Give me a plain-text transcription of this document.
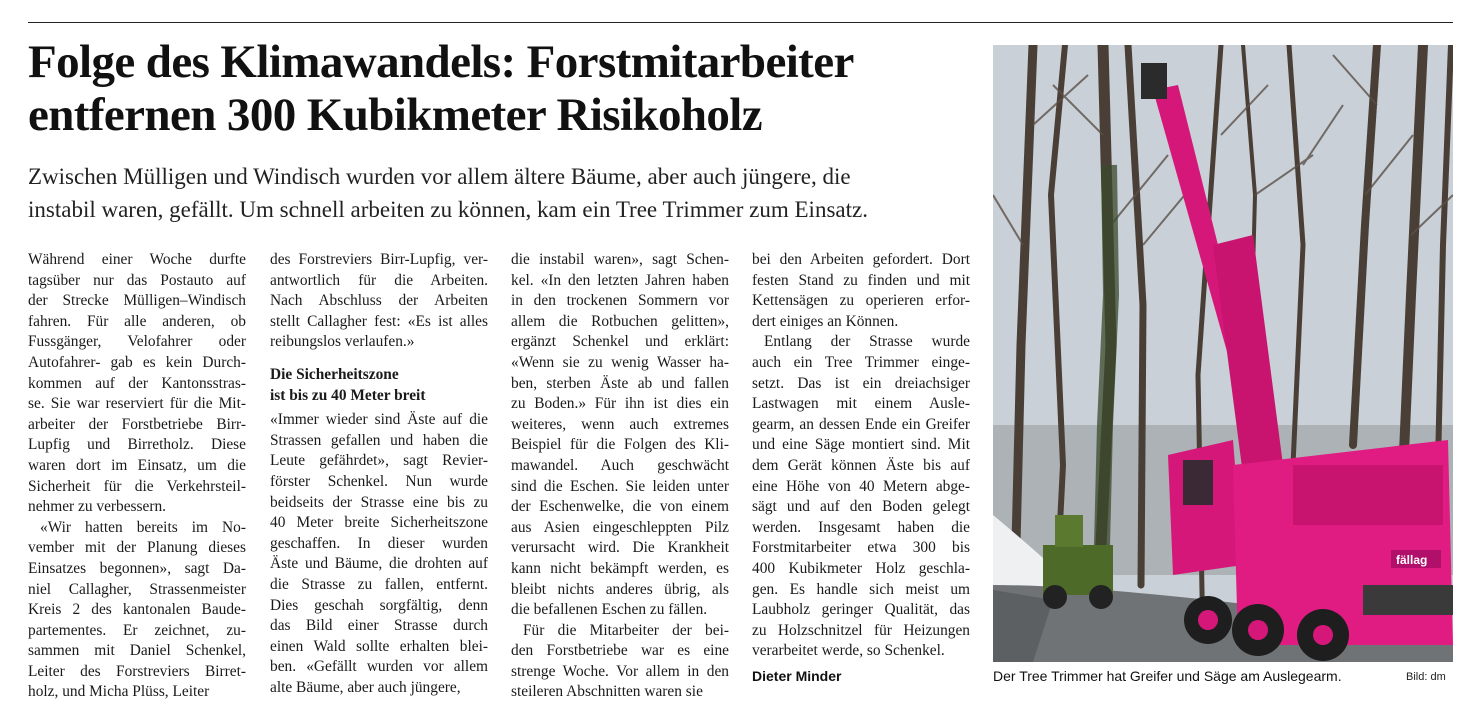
Folge des Klimawandels: Forstmitarbeiter
entfernen 300 Kubikmeter Risikoholz

Zwischen Mülligen und Windisch wurden vor allem ältere Bäume, aber auch jüngere, die
instabil waren, gefällt. Um schnell arbeiten zu können, kam ein Tree Trimmer zum Einsatz.

Während einer Woche durfte
tagsüber nur das Postauto auf
der Strecke Mülligen–Windisch
fahren. Für alle anderen, ob
Fussgänger, Velofahrer oder
Autofahrer- gab es kein Durch-
kommen auf der Kantonsstras-
se. Sie war reserviert für die Mit-
arbeiter der Forstbetriebe Birr-
Lupfig und Birretholz. Diese
waren dort im Einsatz, um die
Sicherheit für die Verkehrsteil-
nehmer zu verbessern.
«Wir hatten bereits im No-
vember mit der Planung dieses
Einsatzes begonnen», sagt Da-
niel Callagher, Strassenmeister
Kreis 2 des kantonalen Baude-
partementes. Er zeichnet, zu-
sammen mit Daniel Schenkel,
Leiter des Forstreviers Birret-
holz, und Micha Plüss, Leiter
des Forstreviers Birr-Lupfig, ver-
antwortlich für die Arbeiten.
Nach Abschluss der Arbeiten
stellt Callagher fest: «Es ist alles
reibungslos verlaufen.»
Die Sicherheitszone
ist bis zu 40 Meter breit
«Immer wieder sind Äste auf die
Strassen gefallen und haben die
Leute gefährdet», sagt Revier-
förster Schenkel. Nun wurde
beidseits der Strasse eine bis zu
40 Meter breite Sicherheitszone
geschaffen. In dieser wurden
Äste und Bäume, die drohten auf
die Strasse zu fallen, entfernt.
Dies geschah sorgfältig, denn
das Bild einer Strasse durch
einen Wald sollte erhalten blei-
ben. «Gefällt wurden vor allem
alte Bäume, aber auch jüngere,
die instabil waren», sagt Schen-
kel. «In den letzten Jahren haben
in den trockenen Sommern vor
allem die Rotbuchen gelitten»,
ergänzt Schenkel und erklärt:
«Wenn sie zu wenig Wasser ha-
ben, sterben Äste ab und fallen
zu Boden.» Für ihn ist dies ein
weiteres, wenn auch extremes
Beispiel für die Folgen des Kli-
mawandel. Auch geschwächt
sind die Eschen. Sie leiden unter
der Eschenwelke, die von einem
aus Asien eingeschleppten Pilz
verursacht wird. Die Krankheit
kann nicht bekämpft werden, es
bleibt nichts anderes übrig, als
die befallenen Eschen zu fällen.
Für die Mitarbeiter der bei-
den Forstbetriebe war es eine
strenge Woche. Vor allem in den
steileren Abschnitten waren sie
bei den Arbeiten gefordert. Dort
festen Stand zu finden und mit
Kettensägen zu operieren erfor-
dert einiges an Können.
Entlang der Strasse wurde
auch ein Tree Trimmer einge-
setzt. Das ist ein dreiachsiger
Lastwagen mit einem Ausle-
gearm, an dessen Ende ein Greifer
und eine Säge montiert sind. Mit
dem Gerät können Äste bis auf
eine Höhe von 40 Metern abge-
sägt und auf den Boden gelegt
werden. Insgesamt haben die
Forstmitarbeiter etwa 300 bis
400 Kubikmeter Holz geschla-
gen. Es handle sich meist um
Laubholz geringer Qualität, das
zu Holzschnitzel für Heizungen
verarbeitet werde, so Schenkel.
Dieter Minder
fällag
Der Tree Trimmer hat Greifer und Säge am Auslegearm.	Bild: dm
